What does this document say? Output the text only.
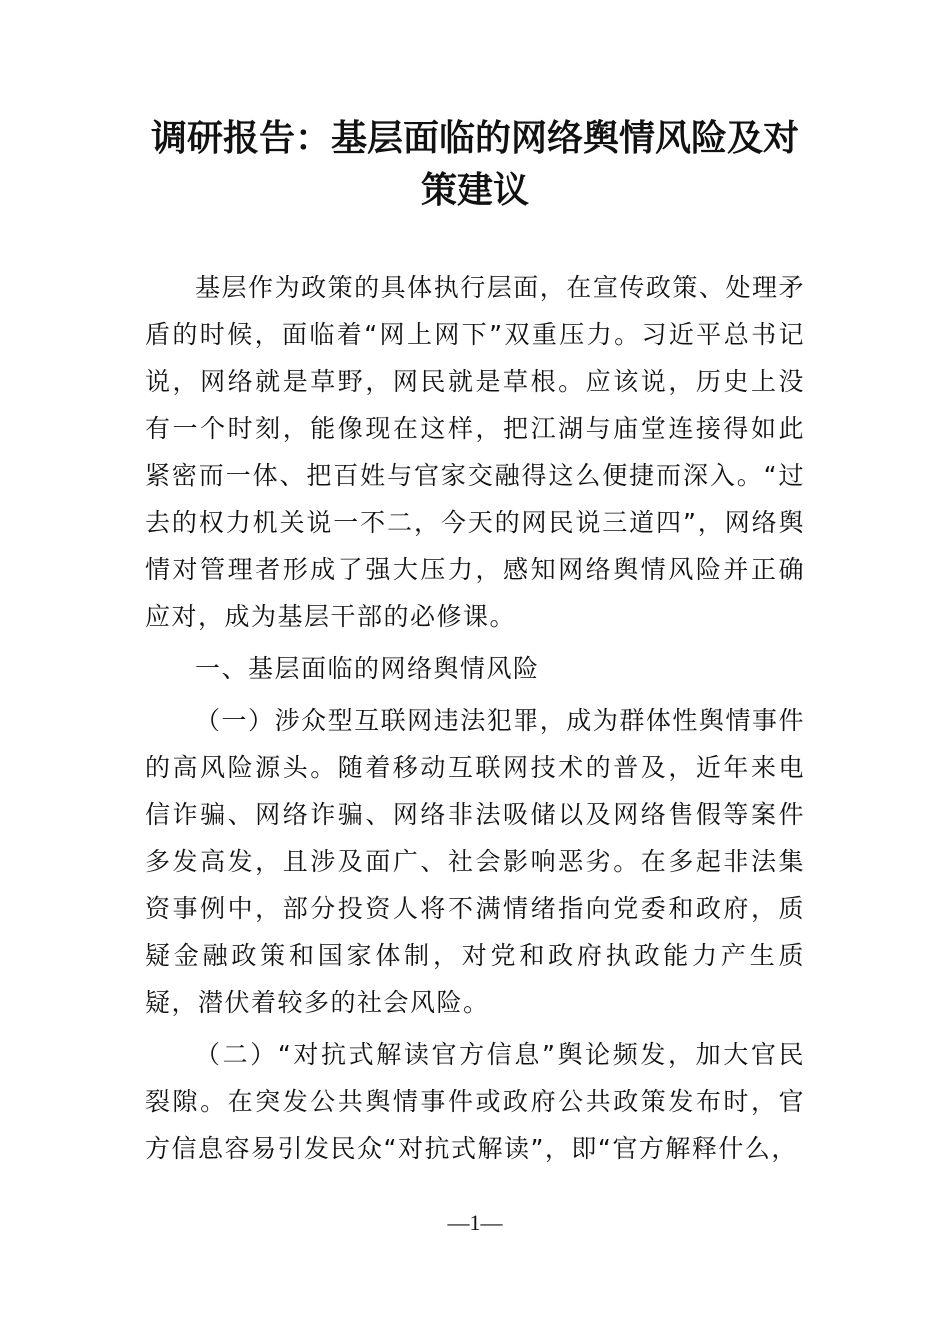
调研报告：基层面临的网络舆情风险及对策建议

基层作为政策的具体执行层面，在宣传政策、处理矛盾的时候，面临着“网上网下”双重压力。习近平总书记说，网络就是草野，网民就是草根。应该说，历史上没有一个时刻，能像现在这样，把江湖与庙堂连接得如此紧密而一体、把百姓与官家交融得这么便捷而深入。“过去的权力机关说一不二，今天的网民说三道四”，网络舆情对管理者形成了强大压力，感知网络舆情风险并正确应对，成为基层干部的必修课。

一、基层面临的网络舆情风险

（一）涉众型互联网违法犯罪，成为群体性舆情事件的高风险源头。随着移动互联网技术的普及，近年来电信诈骗、网络诈骗、网络非法吸储以及网络售假等案件多发高发，且涉及面广、社会影响恶劣。在多起非法集资事例中，部分投资人将不满情绪指向党委和政府，质疑金融政策和国家体制，对党和政府执政能力产生质疑，潜伏着较多的社会风险。

（二）“对抗式解读官方信息”舆论频发，加大官民裂隙。在突发公共舆情事件或政府公共政策发布时，官方信息容易引发民众“对抗式解读”，即“官方解释什么，

—1—
